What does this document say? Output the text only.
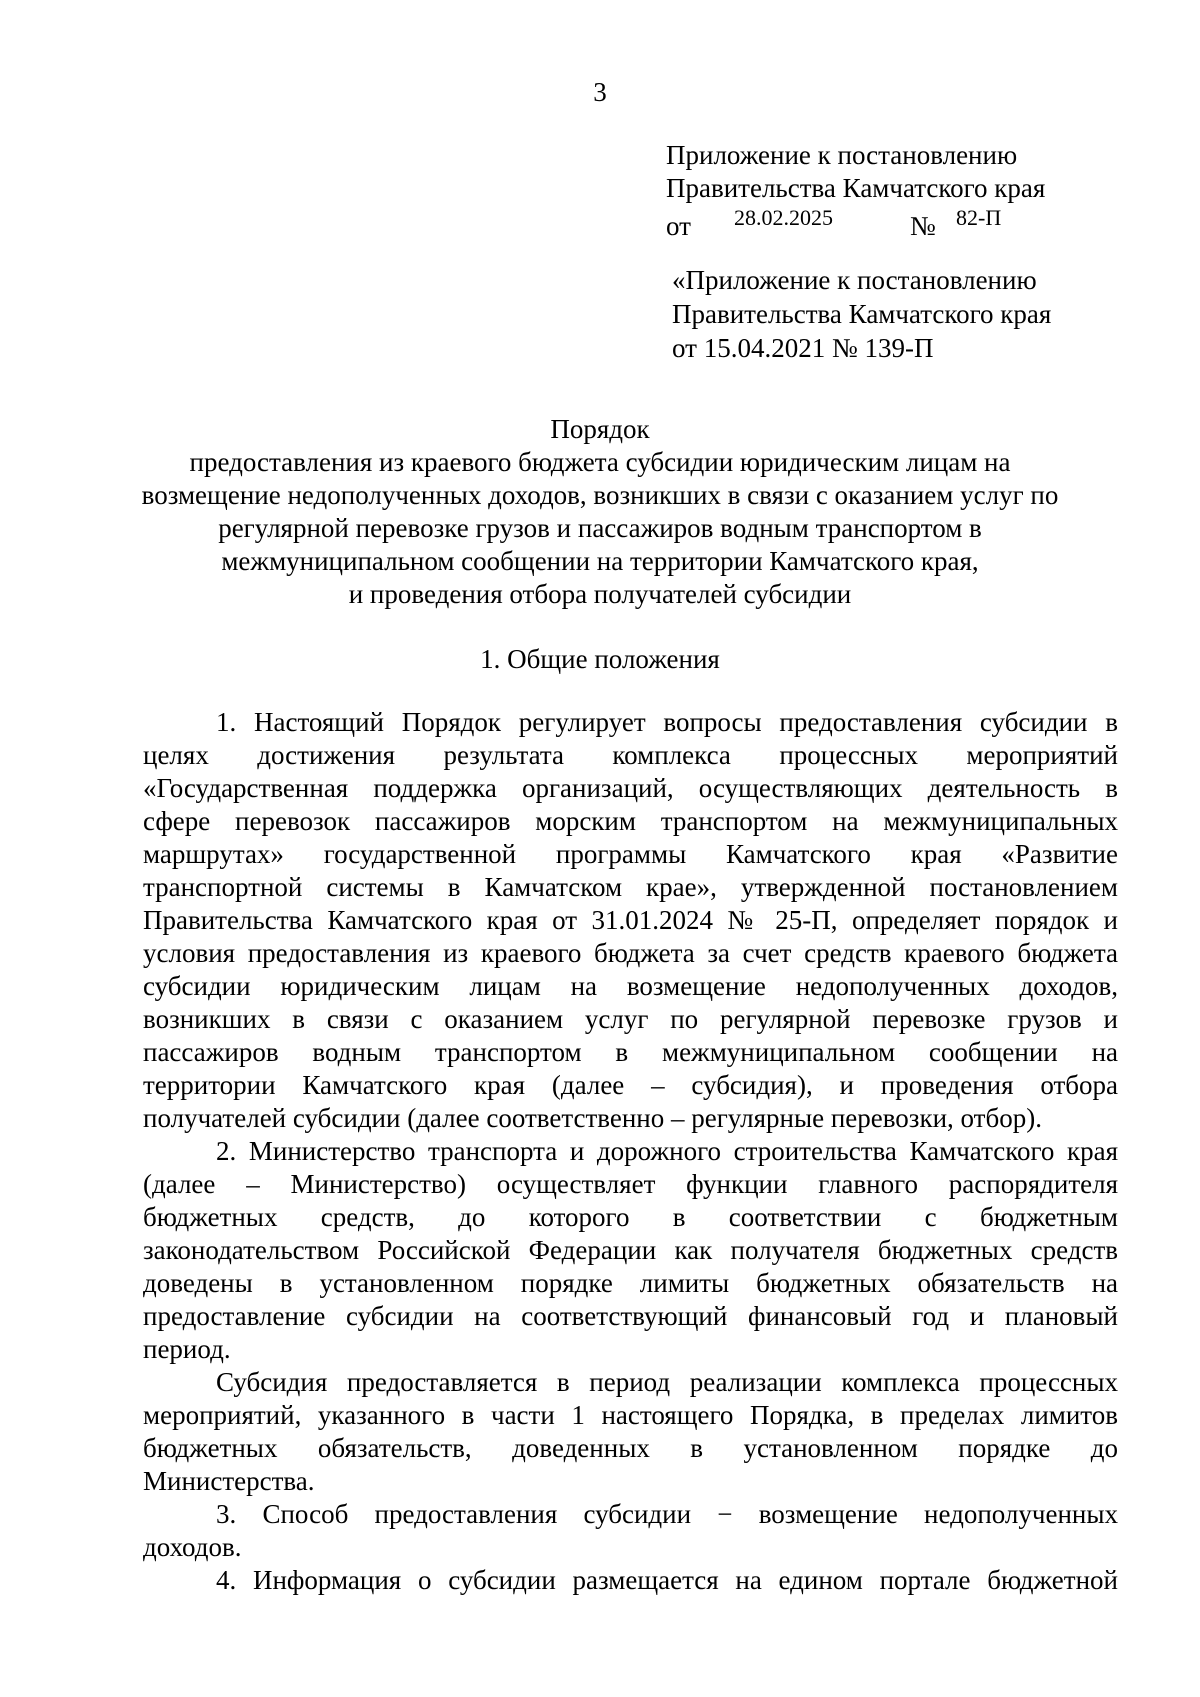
3
Приложение к постановлению
Правительства Камчатского края
от 28.02.2025	№ 82-П
«Приложение к постановлению
Правительства Камчатского края
от 15.04.2021 № 139-П
Порядок
предоставления из краевого бюджета субсидии юридическим лицам на
возмещение недополученных доходов, возникших в связи с оказанием услуг по
регулярной перевозке грузов и пассажиров водным транспортом в
межмуниципальном сообщении на территории Камчатского края,
и проведения отбора получателей субсидии
1. Общие положения
1. Настоящий Порядок регулирует вопросы предоставления субсидии в
целях достижения результата комплекса процессных мероприятий
«Государственная поддержка организаций, осуществляющих деятельность в
сфере перевозок пассажиров морским транспортом на межмуниципальных
маршрутах» государственной программы Камчатского края «Развитие
транспортной системы в Камчатском крае», утвержденной постановлением
Правительства Камчатского края от 31.01.2024 № 25-П, определяет порядок и
условия предоставления из краевого бюджета за счет средств краевого бюджета
субсидии юридическим лицам на возмещение недополученных доходов,
возникших в связи с оказанием услуг по регулярной перевозке грузов и
пассажиров водным транспортом в межмуниципальном сообщении на
территории Камчатского края (далее – субсидия), и проведения отбора
получателей субсидии (далее соответственно – регулярные перевозки, отбор).
2. Министерство транспорта и дорожного строительства Камчатского края
(далее – Министерство) осуществляет функции главного распорядителя
бюджетных средств, до которого в соответствии с бюджетным
законодательством Российской Федерации как получателя бюджетных средств
доведены в установленном порядке лимиты бюджетных обязательств на
предоставление субсидии на соответствующий финансовый год и плановый
период.
Субсидия предоставляется в период реализации комплекса процессных
мероприятий, указанного в части 1 настоящего Порядка, в пределах лимитов
бюджетных обязательств, доведенных в установленном порядке до
Министерства.
3. Способ предоставления субсидии − возмещение недополученных
доходов.
4. Информация о субсидии размещается на едином портале бюджетной
